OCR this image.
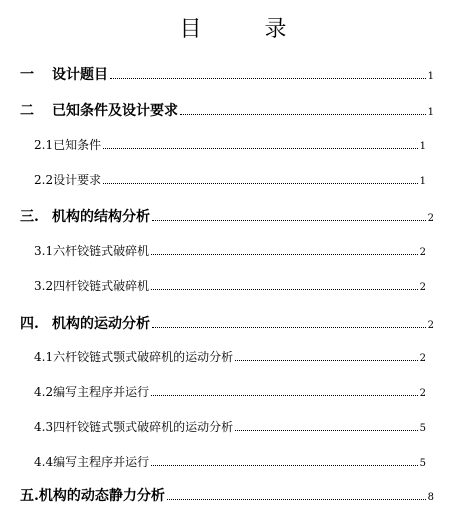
目 录
一	设计题目	1
二	已知条件及设计要求	1
2.1 已知条件	1
2.2 设计要求	1
三. 机构的结构分析	2
3.1 六杆铰链式破碎机	2
3.2 四杆铰链式破碎机	2
四. 机构的运动分析	2
4.1 六杆铰链式颚式破碎机的运动分析	2
4.2 编写主程序并运行	2
4.3 四杆铰链式颚式破碎机的运动分析	5
4.4 编写主程序并运行	5
五. 机构的动态静力分析	8
